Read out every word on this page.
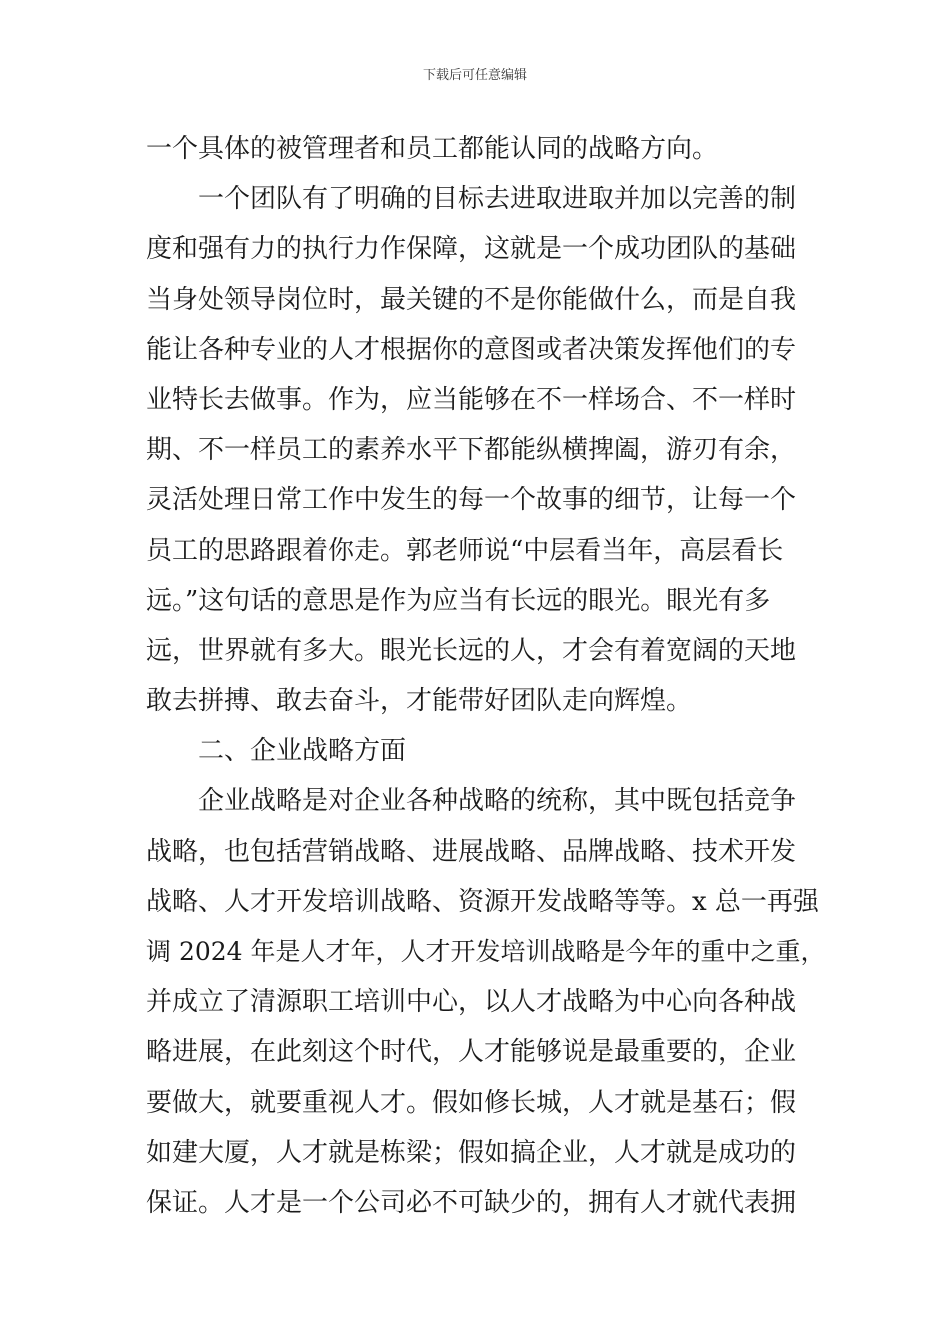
下载后可任意编辑
一个具体的被管理者和员工都能认同的战略方向。
一个团队有了明确的目标去进取进取并加以完善的制
度和强有力的执行力作保障，这就是一个成功团队的基础
当身处领导岗位时，最关键的不是你能做什么，而是自我
能让各种专业的人才根据你的意图或者决策发挥他们的专
业特长去做事。作为，应当能够在不一样场合、不一样时
期、不一样员工的素养水平下都能纵横捭阖，游刃有余，
灵活处理日常工作中发生的每一个故事的细节，让每一个
员工的思路跟着你走。郭老师说“中层看当年，高层看长
远。”这句话的意思是作为应当有长远的眼光。眼光有多
远，世界就有多大。眼光长远的人，才会有着宽阔的天地
敢去拼搏、敢去奋斗，才能带好团队走向辉煌。
二、企业战略方面
企业战略是对企业各种战略的统称，其中既包括竞争
战略，也包括营销战略、进展战略、品牌战略、技术开发
战略、人才开发培训战略、资源开发战略等等。x 总一再强
调 2024 年是人才年，人才开发培训战略是今年的重中之重，
并成立了清源职工培训中心，以人才战略为中心向各种战
略进展，在此刻这个时代，人才能够说是最重要的，企业
要做大，就要重视人才。假如修长城，人才就是基石；假
如建大厦，人才就是栋梁；假如搞企业，人才就是成功的
保证。人才是一个公司必不可缺少的，拥有人才就代表拥
